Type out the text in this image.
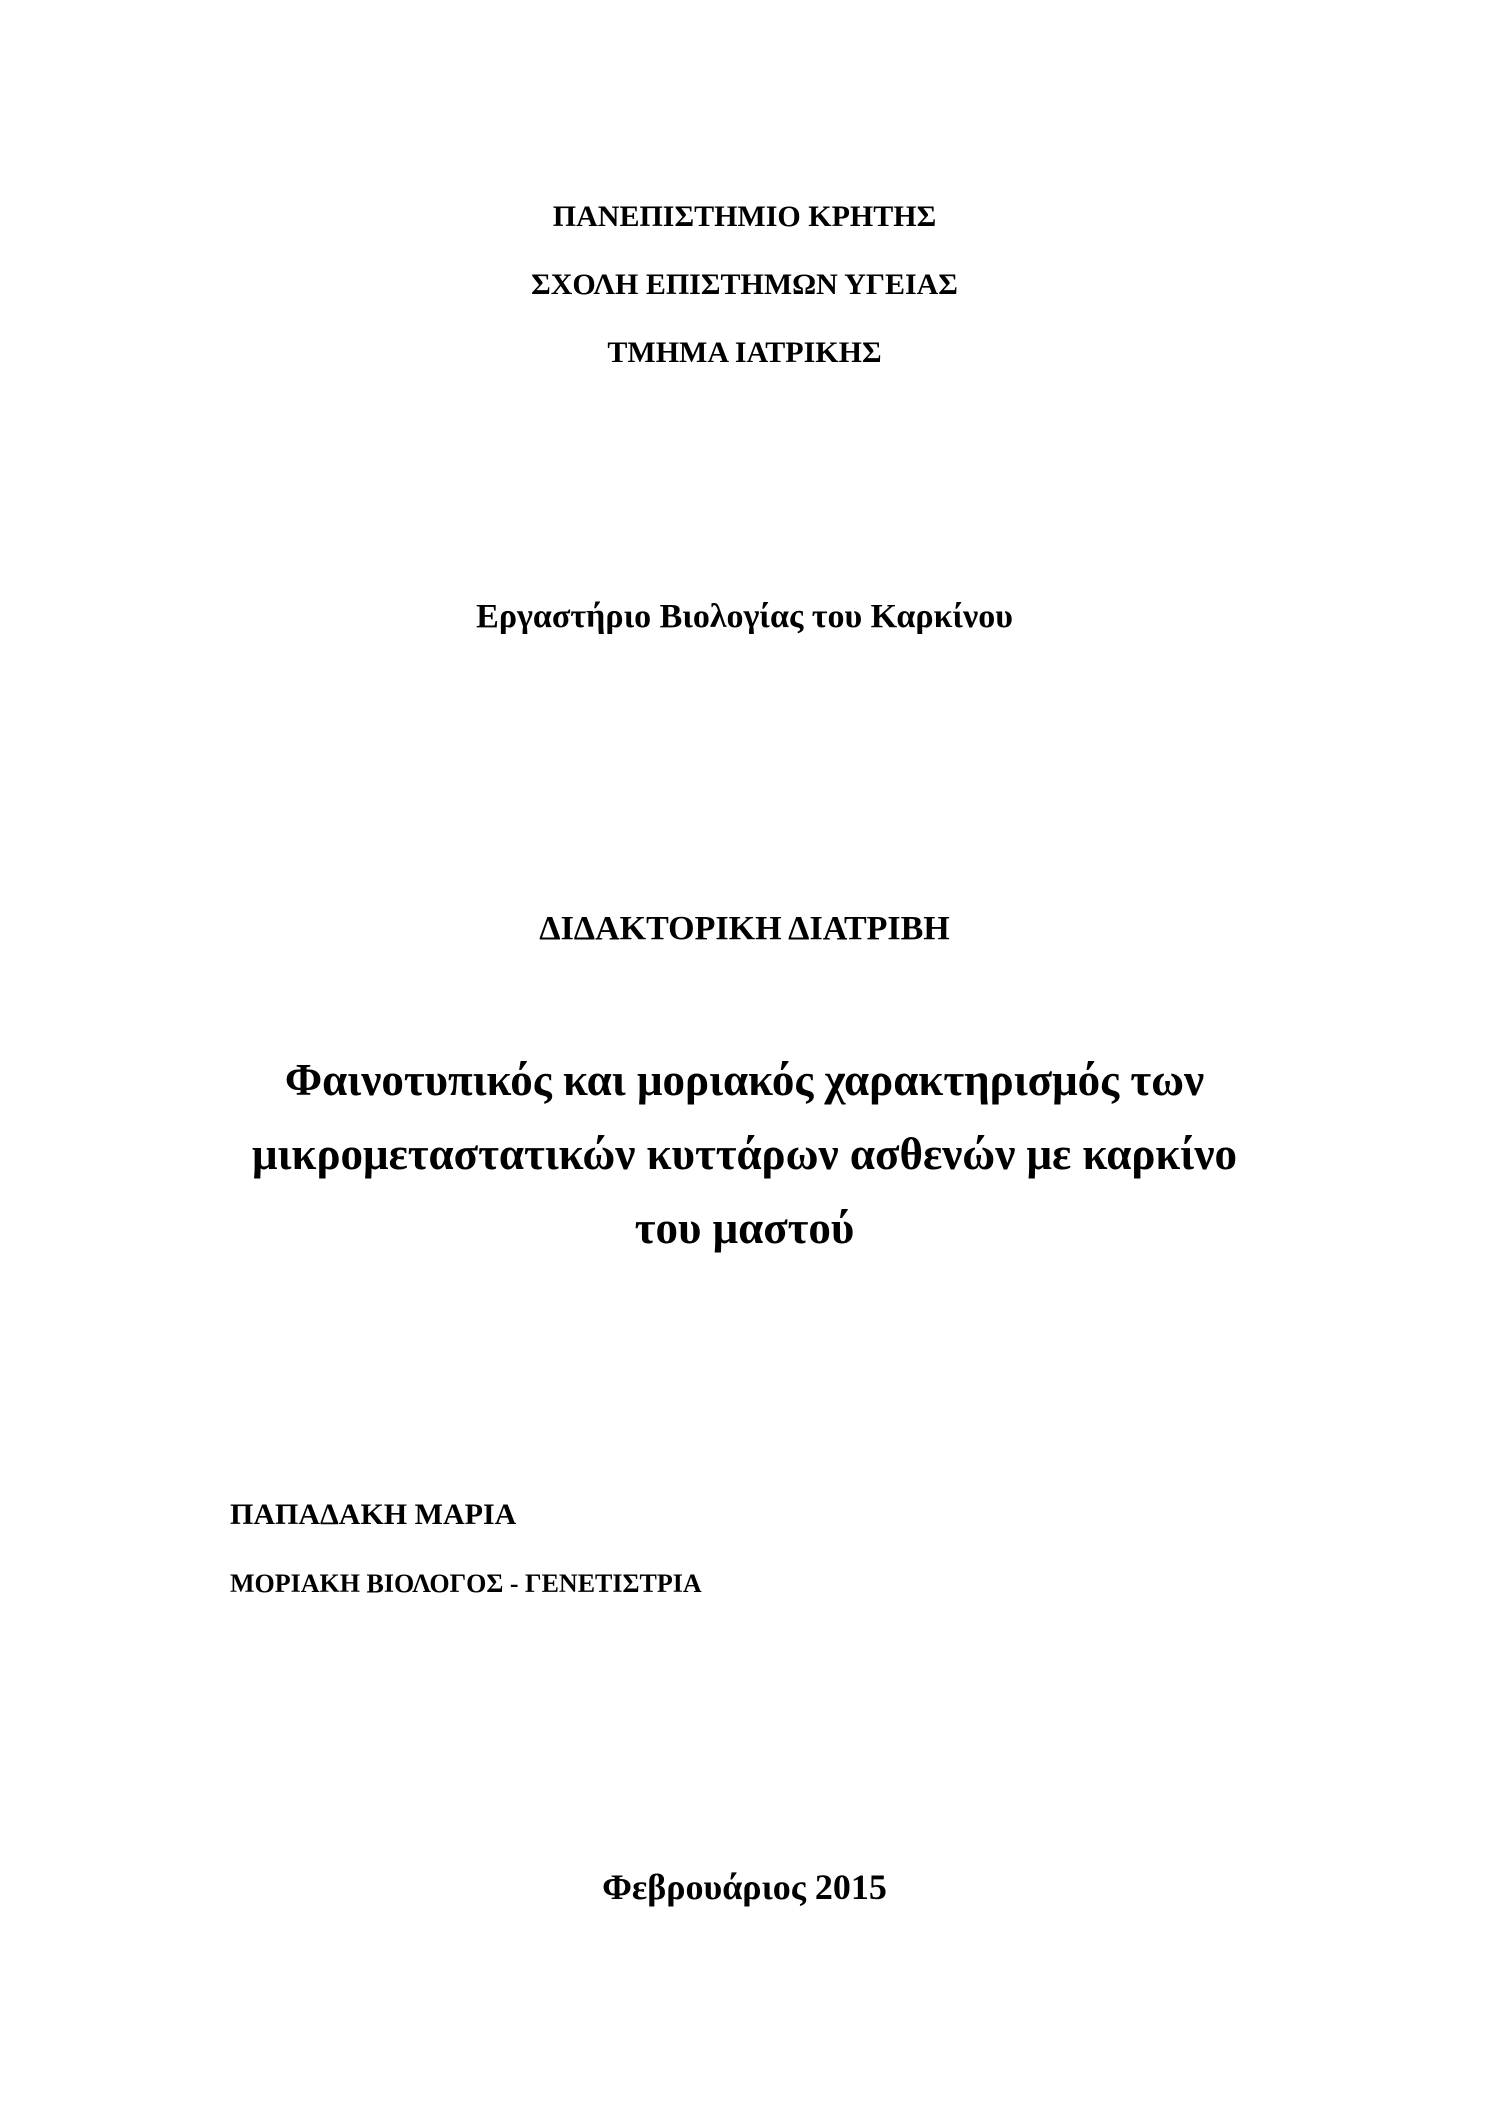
ΠΑΝΕΠΙΣΤΗΜΙΟ ΚΡΗΤΗΣ
ΣΧΟΛΗ ΕΠΙΣΤΗΜΩΝ ΥΓΕΙΑΣ
ΤΜΗΜΑ ΙΑΤΡΙΚΗΣ
Εργαστήριο Βιολογίας του Καρκίνου
ΔΙΔΑΚΤΟΡΙΚΗ ΔΙΑΤΡΙΒΗ
Φαινοτυπικός και μοριακός χαρακτηρισμός των
μικρομεταστατικών κυττάρων ασθενών με καρκίνο
του μαστού
ΠΑΠΑΔΑΚΗ ΜΑΡΙΑ
ΜΟΡΙΑΚΗ ΒΙΟΛΟΓΟΣ - ΓΕΝΕΤΙΣΤΡΙΑ
Φεβρουάριος 2015
